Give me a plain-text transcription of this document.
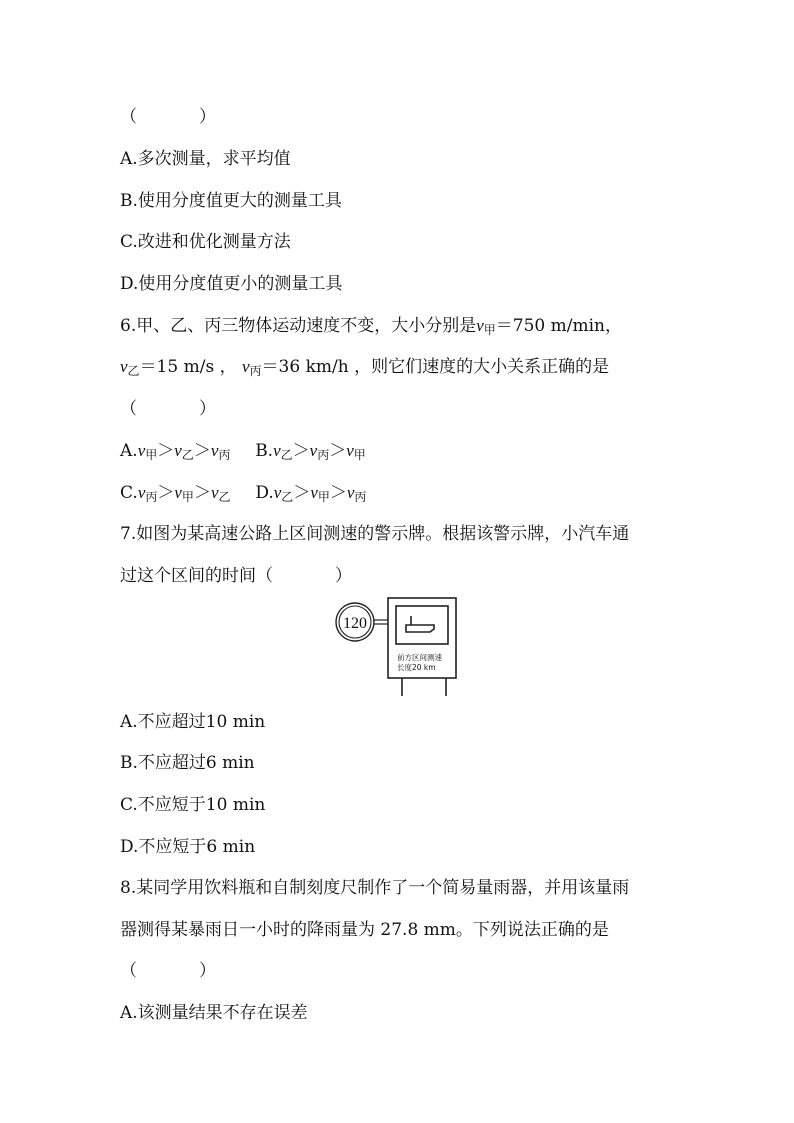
（	）
A.多次测量，求平均值
B.使用分度值更大的测量工具
C.改进和优化测量方法
D.使用分度值更小的测量工具
6.甲、乙、丙三物体运动速度不变，大小分别是$v_甲=750$ m/min，
$v_乙=15$ m/s ， $v_丙=36$ km/h ，则它们速度的大小关系正确的是
（	）
$A.v_甲>v_乙>v_丙$ $B.v_乙>v_丙>v_甲$
$C.v_丙>v_甲>v_乙$ $D.v_乙>v_甲>v_丙$
7.如图为某高速公路上区间测速的警示牌。根据该警示牌，小汽车通
过这个区间的时间（	）
120
前方区间测速
长度20 km
A.不应超过10 min
B.不应超过6 min
C.不应短于10 min
D.不应短于6 min
8.某同学用饮料瓶和自制刻度尺制作了一个简易量雨器，并用该量雨
器测得某暴雨日一小时的降雨量为 27.8 mm。下列说法正确的是
（	）
A.该测量结果不存在误差
